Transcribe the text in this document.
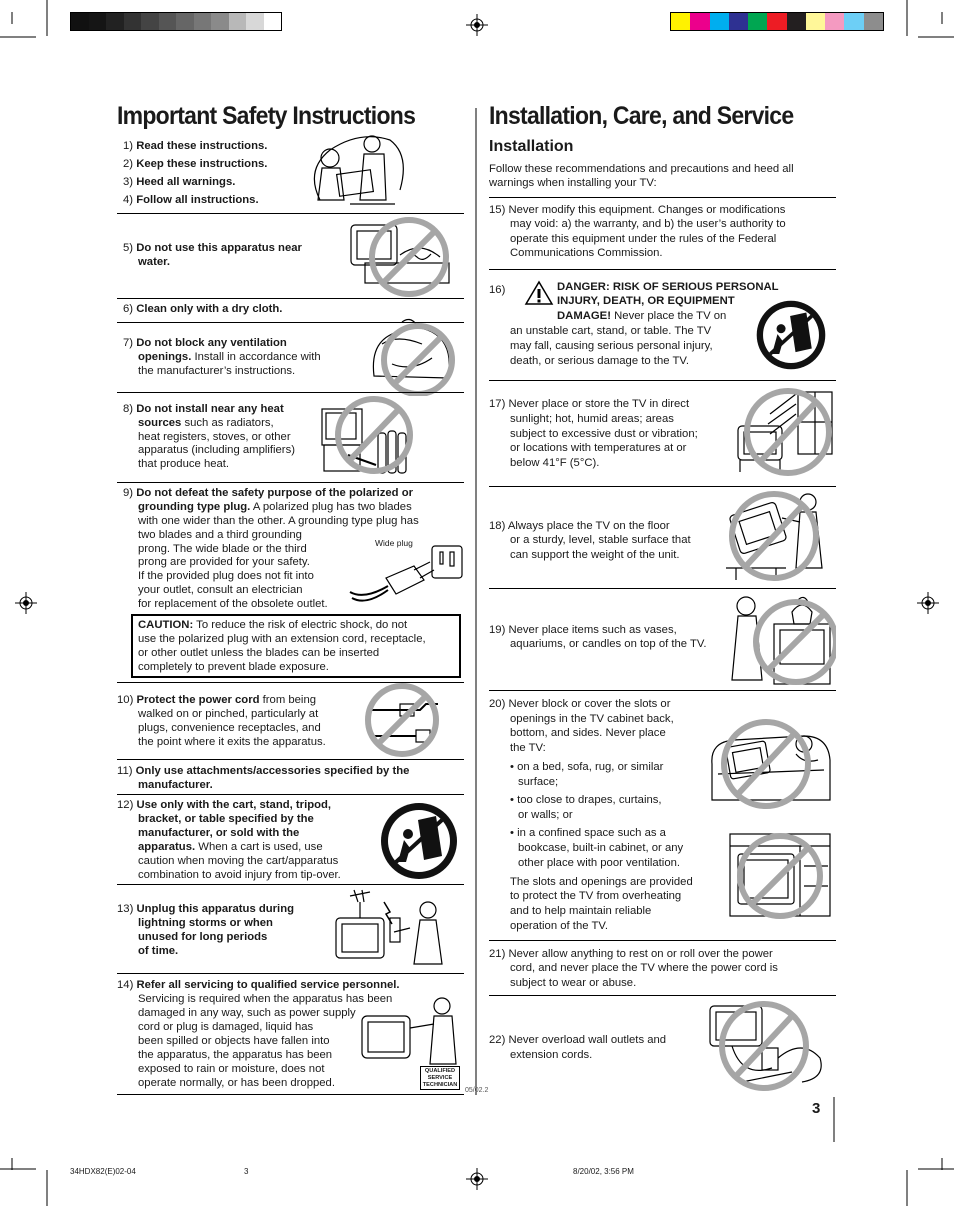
Important Safety Instructions	Installation, Care, and Service
1) Read these instructions.
2) Keep these instructions.
3) Heed all warnings.
4) Follow all instructions.
5) Do not use this apparatus near
water.
6) Clean only with a dry cloth.
7) Do not block any ventilation
openings. Install in accordance with
the manufacturer’s instructions.
8) Do not install near any heat
sources such as radiators,
heat registers, stoves, or other
apparatus (including amplifiers)
that produce heat.
9) Do not defeat the safety purpose of the polarized or
grounding type plug. A polarized plug has two blades
with one wider than the other. A grounding type plug has
two blades and a third grounding
prong. The wide blade or the third
prong are provided for your safety.
If the provided plug does not fit into
your outlet, consult an electrician
for replacement of the obsolete outlet.
Wide plug
CAUTION: To reduce the risk of electric shock, do not
use the polarized plug with an extension cord, receptacle,
or other outlet unless the blades can be inserted
completely to prevent blade exposure.
10) Protect the power cord from being
walked on or pinched, particularly at
plugs, convenience receptacles, and
the point where it exits the apparatus.
11) Only use attachments/accessories specified by the
manufacturer.
12) Use only with the cart, stand, tripod,
bracket, or table specified by the
manufacturer, or sold with the
apparatus. When a cart is used, use
caution when moving the cart/apparatus
combination to avoid injury from tip-over.
13) Unplug this apparatus during
lightning storms or when
unused for long periods
of time.
14) Refer all servicing to qualified service personnel.
Servicing is required when the apparatus has been
damaged in any way, such as power supply
cord or plug is damaged, liquid has
been spilled or objects have fallen into
the apparatus, the apparatus has been
exposed to rain or moisture, does not
operate normally, or has been dropped.
QUALIFIED
SERVICE
TECHNICIAN
05/02.2
Installation
Follow these recommendations and precautions and heed all
warnings when installing your TV:
15) Never modify this equipment. Changes or modifications
may void: a) the warranty, and b) the user’s authority to
operate this equipment under the rules of the Federal
Communications Commission.
16)	DANGER: RISK OF SERIOUS PERSONAL
INJURY, DEATH, OR EQUIPMENT
DAMAGE! Never place the TV on
an unstable cart, stand, or table. The TV
may fall, causing serious personal injury,
death, or serious damage to the TV.
17) Never place or store the TV in direct
sunlight; hot, humid areas; areas
subject to excessive dust or vibration;
or locations with temperatures at or
below 41°F (5°C).
18) Always place the TV on the floor
or a sturdy, level, stable surface that
can support the weight of the unit.
19) Never place items such as vases,
aquariums, or candles on top of the TV.
20) Never block or cover the slots or
openings in the TV cabinet back,
bottom, and sides. Never place
the TV:
• on a bed, sofa, rug, or similar
surface;
• too close to drapes, curtains,
or walls; or
• in a confined space such as a
bookcase, built-in cabinet, or any
other place with poor ventilation.
The slots and openings are provided
to protect the TV from overheating
and to help maintain reliable
operation of the TV.
21) Never allow anything to rest on or roll over the power
cord, and never place the TV where the power cord is
subject to wear or abuse.
22) Never overload wall outlets and
extension cords.
3
34HDX82(E)02-04	3	8/20/02, 3:56 PM
